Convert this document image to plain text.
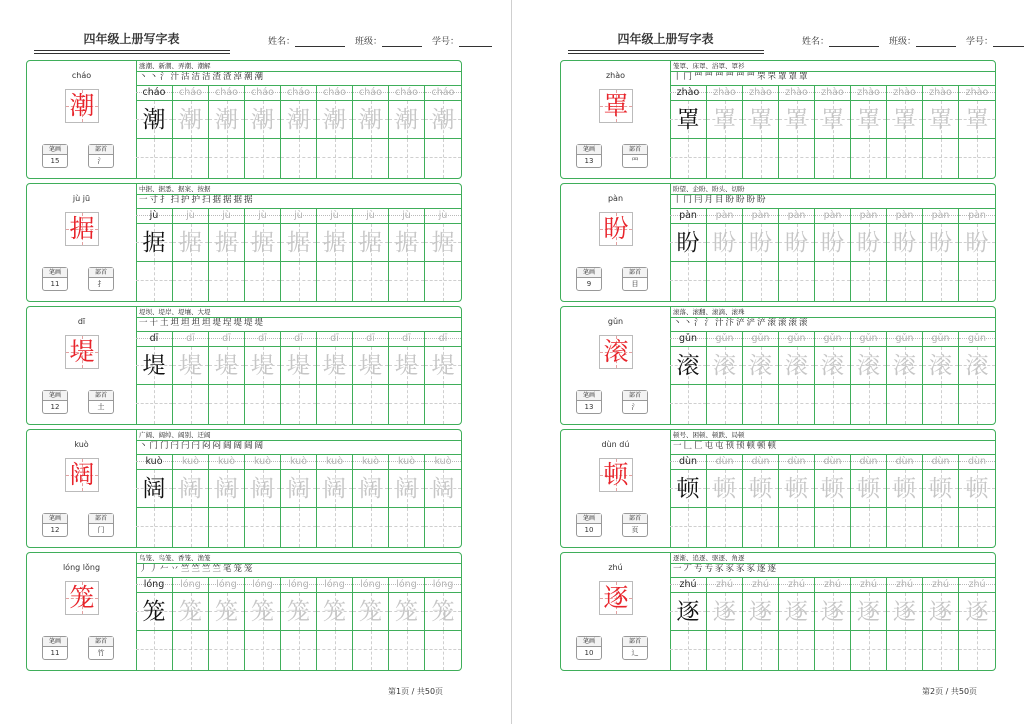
四年级上册写字表	姓名：	班级：	学号：
cháo
潮
笔画
15
部首
氵
涨潮、新潮、弄潮、潮解
丶 丶 氵 汁 沽 洁 洁 渣 渣 淖 潮 潮
cháo
潮
cháo
潮
cháo
潮
cháo
潮
cháo
潮
cháo
潮
cháo
潮
cháo
潮
cháo
潮
jù jū
据
笔画
11
部首
扌
中据、据悉、据案、按据
一 寸 扌 扫 护 护 扫 据 据 据 据
jù
据
jù
据
jù
据
jù
据
jù
据
jù
据
jù
据
jù
据
jù
据
dī
堤
笔画
12
部首
土
堤坝、堤岸、堤壤、大堤
一 十 土 坦 坦 坦 坦 堤 埕 堤 堤 堤
dī
堤
dī
堤
dī
堤
dī
堤
dī
堤
dī
堤
dī
堤
dī
堤
dī
堤
kuò
阔
笔画
12
部首
门
广阔、阔绰、阔别、迂阔
丶 门 门 闩 闩 闩 闷 闷 阔 阔 阔 阔
kuò
阔
kuò
阔
kuò
阔
kuò
阔
kuò
阔
kuò
阔
kuò
阔
kuò
阔
kuò
阔
lóng lǒng
笼
笔画
11
部首
竹
鸟笼、鸟笼、香笼、渔笼
丿 丿 𠂉 丷 竺 竺 竺 竺 笔 笼 笼
lóng
笼
lóng
笼
lóng
笼
lóng
笼
lóng
笼
lóng
笼
lóng
笼
lóng
笼
lóng
笼
第1页 / 共50页
四年级上册写字表	姓名：	班级：	学号：
zhào
罩
笔画
13
部首
罒
笼罩、床罩、浴罩、罩衫
丨 冂 罒 罒 罒 罒 罒 罒 罘 罘 罩 罩 罩
zhào
罩
zhào
罩
zhào
罩
zhào
罩
zhào
罩
zhào
罩
zhào
罩
zhào
罩
zhào
罩
pàn
盼
笔画
9
部首
目
盼望、企盼、盼头、切盼
丨 冂 冃 月 目 盼 盼 盼 盼
pàn
盼
pàn
盼
pàn
盼
pàn
盼
pàn
盼
pàn
盼
pàn
盼
pàn
盼
pàn
盼
gǔn
滚
笔画
13
部首
氵
滚落、滚翻、滚滴、滚珠
丶 丶 氵 氵 汁 汴 浐 浐 浐 滚 滚 滚 滚
gǔn
滚
gǔn
滚
gǔn
滚
gǔn
滚
gǔn
滚
gǔn
滚
gǔn
滚
gǔn
滚
gǔn
滚
dùn dú
顿
笔画
10
部首
页
顿号、困顿、顿跌、局顿
一 𠃊 匚 屯 屯 顸 顸 顿 顿 顿
dùn
顿
dùn
顿
dùn
顿
dùn
顿
dùn
顿
dùn
顿
dùn
顿
dùn
顿
dùn
顿
zhú
逐
笔画
10
部首
辶
逐渐、追逐、驱逐、角逐
一 丆 亐 亐 豕 豕 豕 豕 逐 逐
zhú
逐
zhú
逐
zhú
逐
zhú
逐
zhú
逐
zhú
逐
zhú
逐
zhú
逐
zhú
逐
第2页 / 共50页
